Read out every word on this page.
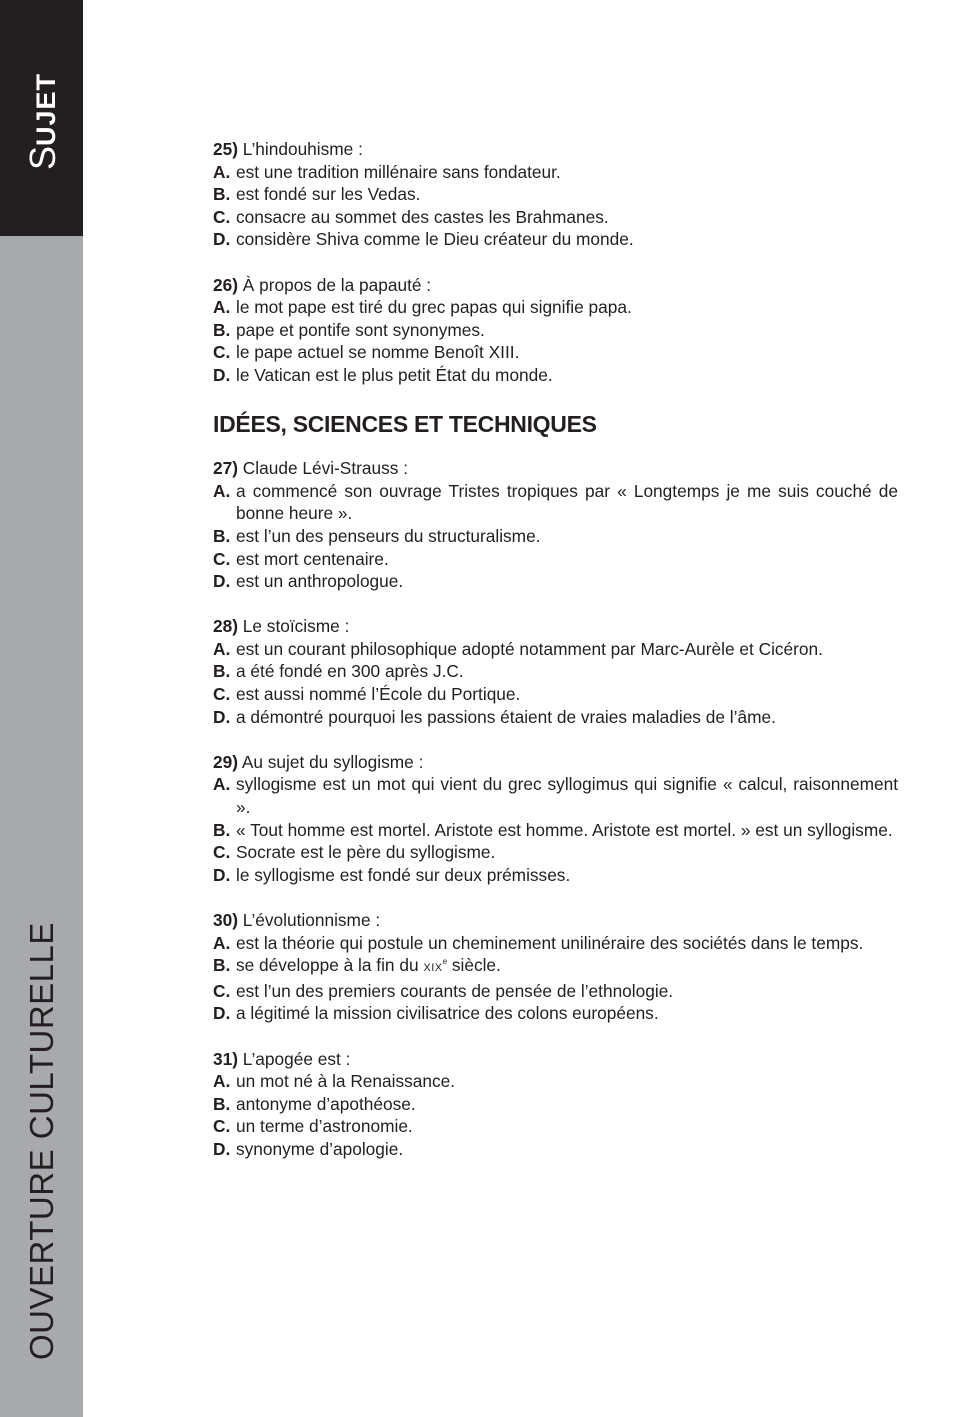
SUJET
OUVERTURE CULTURELLE

25) L’hindouhisme :

A. est une tradition millénaire sans fondateur.

B. est fondé sur les Vedas.

C. consacre au sommet des castes les Brahmanes.

D. considère Shiva comme le Dieu créateur du monde.

26) À propos de la papauté :

A. le mot pape est tiré du grec papas qui signifie papa.

B. pape et pontife sont synonymes.

C. le pape actuel se nomme Benoît XIII.

D. le Vatican est le plus petit État du monde.

IDÉES, SCIENCES ET TECHNIQUES

27) Claude Lévi-Strauss :

A. a commencé son ouvrage Tristes tropiques par « Longtemps je me suis couché de bonne heure ».

B. est l’un des penseurs du structuralisme.

C. est mort centenaire.

D. est un anthropologue.

28) Le stoïcisme :

A. est un courant philosophique adopté notamment par Marc-Aurèle et Cicéron.

B. a été fondé en 300 après J.C.

C. est aussi nommé l’École du Portique.

D. a démontré pourquoi les passions étaient de vraies maladies de l’âme.

29) Au sujet du syllogisme :

A. syllogisme est un mot qui vient du grec syllogimus qui signifie « calcul, raisonnement ».

B. « Tout homme est mortel. Aristote est homme. Aristote est mortel. » est un syllogisme.

C. Socrate est le père du syllogisme.

D. le syllogisme est fondé sur deux prémisses.

30) L’évolutionnisme :

A. est la théorie qui postule un cheminement unilinéraire des sociétés dans le temps.

B. se développe à la fin du XIXe siècle.

C. est l’un des premiers courants de pensée de l’ethnologie.

D. a légitimé la mission civilisatrice des colons européens.

31) L’apogée est :

A. un mot né à la Renaissance.

B. antonyme d’apothéose.

C. un terme d’astronomie.

D. synonyme d’apologie.
